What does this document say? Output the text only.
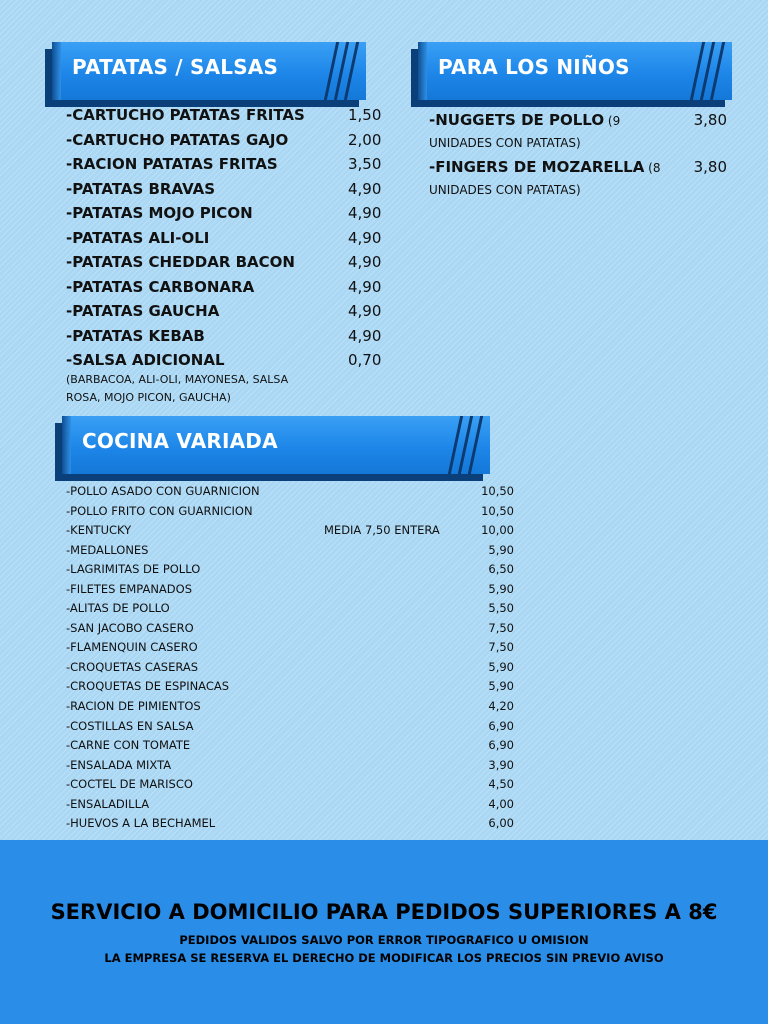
PATATAS / SALSAS
-CARTUCHO PATATAS FRITAS	1,50
-CARTUCHO PATATAS GAJO	2,00
-RACION PATATAS FRITAS	3,50
-PATATAS BRAVAS	4,90
-PATATAS MOJO PICON	4,90
-PATATAS ALI-OLI	4,90
-PATATAS CHEDDAR BACON	4,90
-PATATAS CARBONARA	4,90
-PATATAS GAUCHA	4,90
-PATATAS KEBAB	4,90
-SALSA ADICIONAL	0,70
(BARBACOA, ALI-OLI, MAYONESA, SALSA ROSA, MOJO PICON, GAUCHA)
PARA LOS NIÑOS
-NUGGETS DE POLLO (9 UNIDADES CON PATATAS)
3,80
-FINGERS DE MOZARELLA (8 UNIDADES CON PATATAS)
3,80
COCINA VARIADA
-POLLO ASADO CON GUARNICION	10,50
-POLLO FRITO CON GUARNICION	10,50
-KENTUCKY	MEDIA 7,50 ENTERA	10,00
-MEDALLONES	5,90
-LAGRIMITAS DE POLLO	6,50
-FILETES EMPANADOS	5,90
-ALITAS DE POLLO	5,50
-SAN JACOBO CASERO	7,50
-FLAMENQUIN CASERO	7,50
-CROQUETAS CASERAS	5,90
-CROQUETAS DE ESPINACAS	5,90
-RACION DE PIMIENTOS	4,20
-COSTILLAS EN SALSA	6,90
-CARNE CON TOMATE	6,90
-ENSALADA MIXTA	3,90
-COCTEL DE MARISCO	4,50
-ENSALADILLA	4,00
-HUEVOS A LA BECHAMEL	6,00
SERVICIO A DOMICILIO PARA PEDIDOS SUPERIORES A 8€
PEDIDOS VALIDOS SALVO POR ERROR TIPOGRAFICO U OMISION
LA EMPRESA SE RESERVA EL DERECHO DE MODIFICAR LOS PRECIOS SIN PREVIO AVISO
